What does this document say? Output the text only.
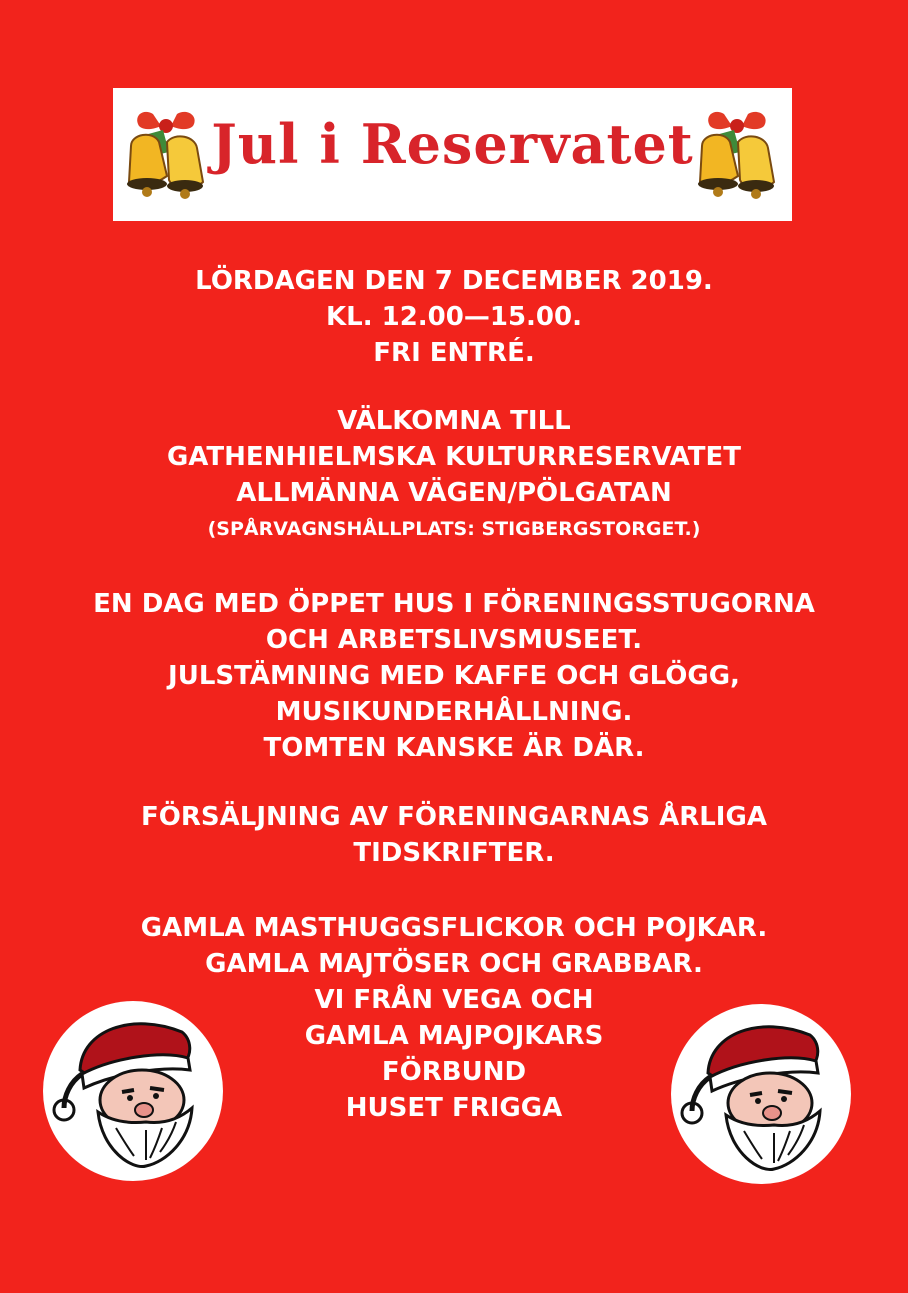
Jul i Reservatet
LÖRDAGEN DEN 7 DECEMBER 2019.
KL. 12.00—15.00.
FRI ENTRÉ.
VÄLKOMNA TILL
GATHENHIELMSKA KULTURRESERVATET
ALLMÄNNA VÄGEN/PÖLGATAN
(SPÅRVAGNSHÅLLPLATS: STIGBERGSTORGET.)
EN DAG MED ÖPPET HUS I FÖRENINGSSTUGORNA
OCH ARBETSLIVSMUSEET.
JULSTÄMNING MED KAFFE OCH GLÖGG,
MUSIKUNDERHÅLLNING.
TOMTEN KANSKE ÄR DÄR.
FÖRSÄLJNING AV FÖRENINGARNAS ÅRLIGA
TIDSKRIFTER.
GAMLA MASTHUGGSFLICKOR OCH POJKAR.
GAMLA MAJTÖSER OCH GRABBAR.
VI FRÅN VEGA OCH
GAMLA MAJPOJKARS
FÖRBUND
HUSET FRIGGA
